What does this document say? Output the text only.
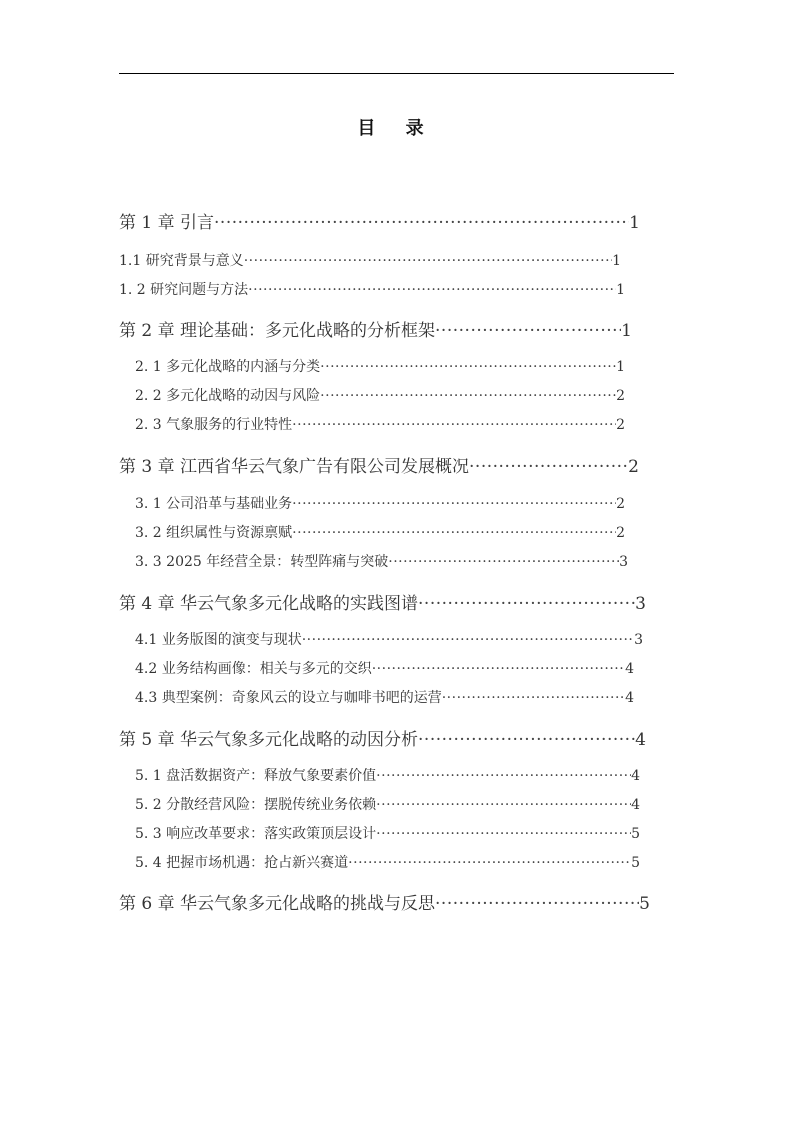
目 录
第 1 章 引言 ·····	1
1.1 研究背景与意义 ·····	1
1. 2 研究问题与方法 ·····	1
第 2 章 理论基础：多元化战略的分析框架 ·····	1
2. 1 多元化战略的内涵与分类 ·····	1
2. 2 多元化战略的动因与风险 ·····	2
2. 3 气象服务的行业特性 ·····	2
第 3 章 江西省华云气象广告有限公司发展概况 ·····	2
3. 1 公司沿革与基础业务 ·····	2
3. 2 组织属性与资源禀赋 ·····	2
3. 3 2025 年经营全景：转型阵痛与突破 ·····	3
第 4 章 华云气象多元化战略的实践图谱 ·····	3
4.1 业务版图的演变与现状 ·····	3
4.2 业务结构画像：相关与多元的交织 ·····	4
4.3 典型案例：奇象风云的设立与咖啡书吧的运营 ·····	4
第 5 章 华云气象多元化战略的动因分析 ·····	4
5. 1 盘活数据资产：释放气象要素价值 ·····	4
5. 2 分散经营风险：摆脱传统业务依赖 ·····	4
5. 3 响应改革要求：落实政策顶层设计 ·····	5
5. 4 把握市场机遇：抢占新兴赛道 ·····	5
第 6 章 华云气象多元化战略的挑战与反思 ·····	5
